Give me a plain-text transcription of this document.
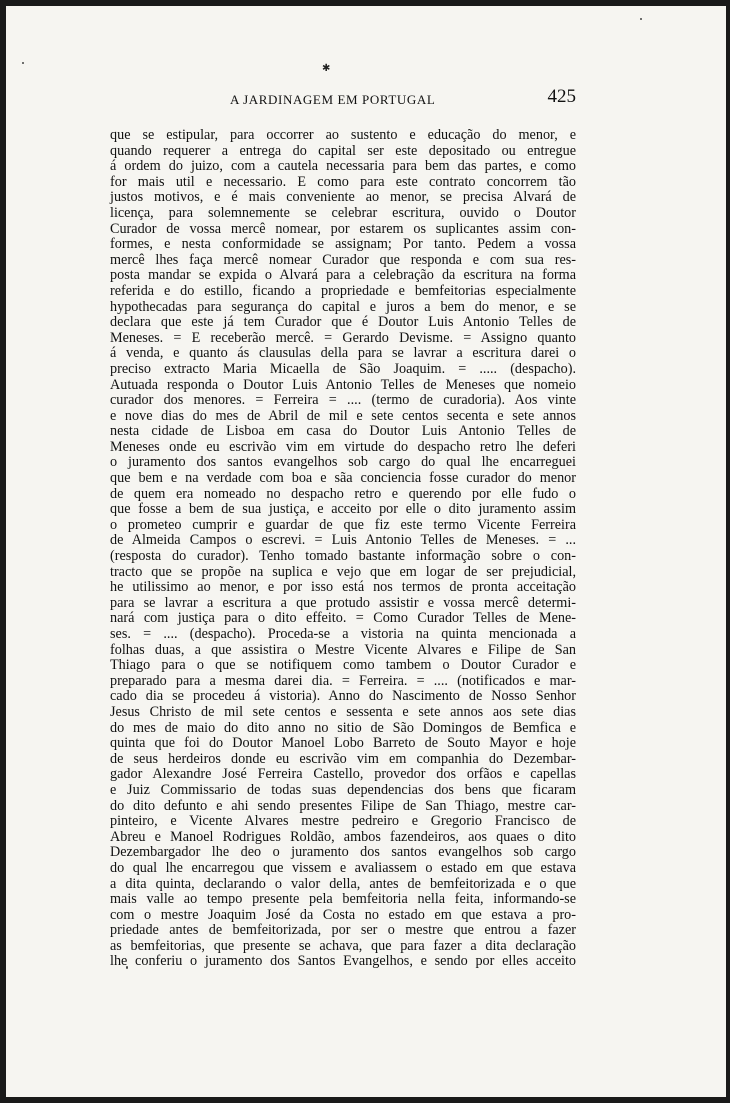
✱
A JARDINAGEM EM PORTUGAL	425
que se estipular, para occorrer ao sustento e educação do menor, e
quando requerer a entrega do capital ser este depositado ou entregue
á ordem do juizo, com a cautela necessaria para bem das partes, e como
for mais util e necessario. E como para este contrato concorrem tão
justos motivos, e é mais conveniente ao menor, se precisa Alvará de
licença, para solemnemente se celebrar escritura, ouvido o Doutor
Curador de vossa mercê nomear, por estarem os suplicantes assim con-
formes, e nesta conformidade se assignam; Por tanto. Pedem a vossa
mercê lhes faça mercê nomear Curador que responda e com sua res-
posta mandar se expida o Alvará para a celebração da escritura na forma
referida e do estillo, ficando a propriedade e bemfeitorias especialmente
hypothecadas para segurança do capital e juros a bem do menor, e se
declara que este já tem Curador que é Doutor Luis Antonio Telles de
Meneses. = E receberão mercê. = Gerardo Devisme. = Assigno quanto
á venda, e quanto ás clausulas della para se lavrar a escritura darei o
preciso extracto Maria Micaella de São Joaquim. = ..... (despacho).
Autuada responda o Doutor Luis Antonio Telles de Meneses que nomeio
curador dos menores. = Ferreira = .... (termo de curadoria). Aos vinte
e nove dias do mes de Abril de mil e sete centos secenta e sete annos
nesta cidade de Lisboa em casa do Doutor Luis Antonio Telles de
Meneses onde eu escrivão vim em virtude do despacho retro lhe deferi
o juramento dos santos evangelhos sob cargo do qual lhe encarreguei
que bem e na verdade com boa e sãa conciencia fosse curador do menor
de quem era nomeado no despacho retro e querendo por elle fudo o
que fosse a bem de sua justiça, e acceito por elle o dito juramento assim
o prometeo cumprir e guardar de que fiz este termo Vicente Ferreira
de Almeida Campos o escrevi. = Luis Antonio Telles de Meneses. = ...
(resposta do curador). Tenho tomado bastante informação sobre o con-
tracto que se propõe na suplica e vejo que em logar de ser prejudicial,
he utilissimo ao menor, e por isso está nos termos de pronta acceitação
para se lavrar a escritura a que protudo assistir e vossa mercê determi-
nará com justiça para o dito effeito. = Como Curador Telles de Mene-
ses. = .... (despacho). Proceda-se a vistoria na quinta mencionada a
folhas duas, a que assistira o Mestre Vicente Alvares e Filipe de San
Thiago para o que se notifiquem como tambem o Doutor Curador e
preparado para a mesma darei dia. = Ferreira. = .... (notificados e mar-
cado dia se procedeu á vistoria). Anno do Nascimento de Nosso Senhor
Jesus Christo de mil sete centos e sessenta e sete annos aos sete dias
do mes de maio do dito anno no sitio de São Domingos de Bemfica e
quinta que foi do Doutor Manoel Lobo Barreto de Souto Mayor e hoje
de seus herdeiros donde eu escrivão vim em companhia do Dezembar-
gador Alexandre José Ferreira Castello, provedor dos orfãos e capellas
e Juiz Commissario de todas suas dependencias dos bens que ficaram
do dito defunto e ahi sendo presentes Filipe de San Thiago, mestre car-
pinteiro, e Vicente Alvares mestre pedreiro e Gregorio Francisco de
Abreu e Manoel Rodrigues Roldão, ambos fazendeiros, aos quaes o dito
Dezembargador lhe deo o juramento dos santos evangelhos sob cargo
do qual lhe encarregou que vissem e avaliassem o estado em que estava
a dita quinta, declarando o valor della, antes de bemfeitorizada e o que
mais valle ao tempo presente pela bemfeitoria nella feita, informando-se
com o mestre Joaquim José da Costa no estado em que estava a pro-
priedade antes de bemfeitorizada, por ser o mestre que entrou a fazer
as bemfeitorias, que presente se achava, que para fazer a dita declaração
lhe conferiu o juramento dos Santos Evangelhos, e sendo por elles acceito
